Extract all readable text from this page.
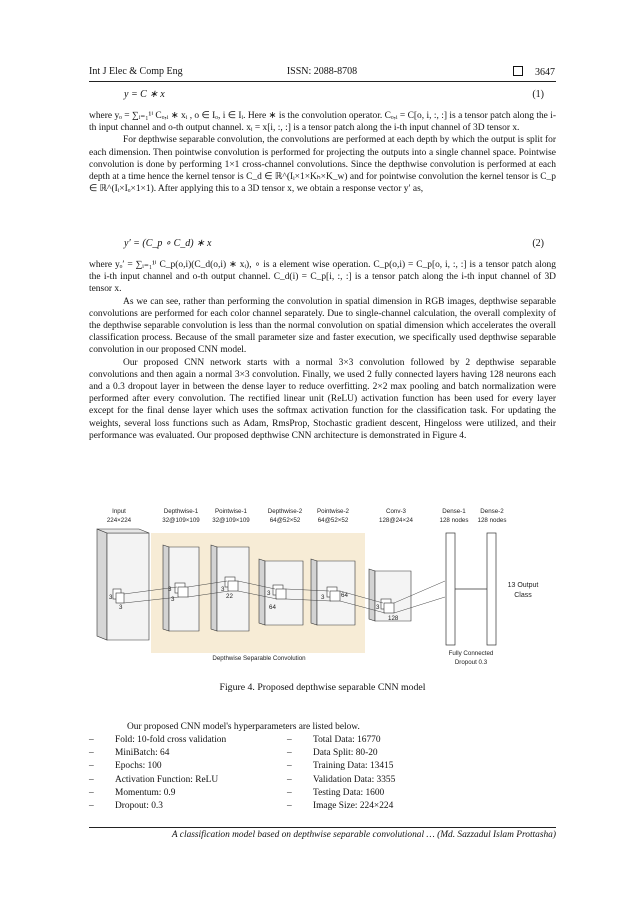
Int J Elec & Comp Eng	ISSN: 2088-8708	3647
y = C ∗ x	(1)

where yₒ = ∑ᵢ₌₁¹ⁱ Cₒ,ᵢ ∗ xᵢ , o ∈ Iₒ, i ∈ Iᵢ. Here ∗ is the convolution operator. Cₒ,ᵢ = C[o, i, :, :] is a tensor patch along the i-th input channel and o-th output channel. xᵢ = x[i, :, :] is a tensor patch along the i-th input channel of 3D tensor x.

For depthwise separable convolution, the convolutions are performed at each depth by which the output is split for each dimension. Then pointwise convolution is performed for projecting the outputs into a single channel space. Pointwise convolution is done by performing 1×1 cross-channel convolutions. Since the depthwise convolution is performed at each depth at a time hence the kernel tensor is C_d ∈ ℝ^(Iᵢ×1×Kₕ×K_w) and for pointwise convolution the kernel tensor is C_p ∈ ℝ^(Iᵢ×Iₒ×1×1). After applying this to a 3D tensor x, we obtain a response vector y′ as,

y′ = (C_p ∘ C_d) ∗ x	(2)

where yₒ′ = ∑ᵢ₌₁¹ⁱ C_p(o,i)(C_d(o,i) ∗ xᵢ), ∘ is a element wise operation. C_p(o,i) = C_p[o, i, :, :] is a tensor patch along the i-th input channel and o-th output channel. C_d(i) = C_p[i, :, :] is a tensor patch along the i-th input channel of 3D tensor x.

As we can see, rather than performing the convolution in spatial dimension in RGB images, depthwise separable convolutions are performed for each color channel separately. Due to single-channel calculation, the overall complexity of the depthwise separable convolution is less than the normal convolution on spatial dimension which accelerates the overall classification process. Because of the small parameter size and faster execution, we specifically used depthwise separable convolution in our proposed CNN model.

Our proposed CNN network starts with a normal 3×3 convolution followed by 2 depthwise separable convolutions and then again a normal 3×3 convolution. Finally, we used 2 fully connected layers having 128 neurons each and a 0.3 dropout layer in between the dense layer to reduce overfitting. 2×2 max pooling and batch normalization were performed after every convolution. The rectified linear unit (ReLU) activation function has been used for every layer except for the final dense layer which uses the softmax activation function for the classification task. For updating the weights, several loss functions such as Adam, RmsProp, Stochastic gradient descent, Hingeloss were utilized, and their performance was evaluated. Our proposed depthwise CNN architecture is demonstrated in Figure 4.

Input
224×224
Depthwise-1
32@109×109
Pointwise-1
32@109×109
Depthwise-2
64@52×52
Pointwise-2
64@52×52
Conv-3
128@24×24
Dense-1
128 nodes
Dense-2
128 nodes
3
3
3
3
3
22	3
64
3	64
3
128
13 Output
Class
Depthwise Separable Convolution
Fully Connected
Dropout 0.3
Figure 4. Proposed depthwise separable CNN model
Our proposed CNN model's hyperparameters are listed below.
– Fold: 10-fold cross validation
– MiniBatch: 64
– Epochs: 100
– Activation Function: ReLU
– Momentum: 0.9
– Dropout: 0.3
– Total Data: 16770
– Data Split: 80-20
– Training Data: 13415
– Validation Data: 3355
– Testing Data: 1600
– Image Size: 224×224
A classification model based on depthwise separable convolutional … (Md. Sazzadul Islam Prottasha)
